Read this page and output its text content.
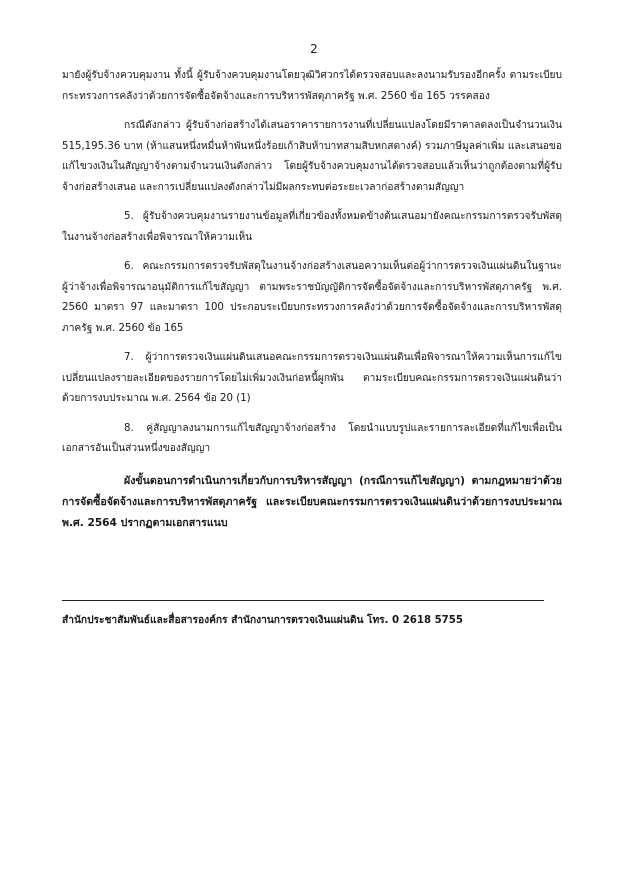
2

มายังผู้รับจ้างควบคุมงาน ทั้งนี้ ผู้รับจ้างควบคุมงานโดยวุฒิวิศวกรได้ตรวจสอบและลงนามรับรองอีกครั้ง ตามระเบียบกระทรวงการคลังว่าด้วยการจัดซื้อจัดจ้างและการบริหารพัสดุภาครัฐ พ.ศ. 2560 ข้อ 165 วรรคสอง

กรณีดังกล่าว ผู้รับจ้างก่อสร้างได้เสนอราคารายการงานที่เปลี่ยนแปลงโดยมีราคาลดลงเป็นจำนวนเงิน 515,195.36 บาท (ห้าแสนหนึ่งหมื่นห้าพันหนึ่งร้อยเก้าสิบห้าบาทสามสิบหกสตางค์) รวมภาษีมูลค่าเพิ่ม และเสนอขอแก้ไขวงเงินในสัญญาจ้างตามจำนวนเงินดังกล่าว โดยผู้รับจ้างควบคุมงานได้ตรวจสอบแล้วเห็นว่าถูกต้องตามที่ผู้รับจ้างก่อสร้างเสนอ และการเปลี่ยนแปลงดังกล่าวไม่มีผลกระทบต่อระยะเวลาก่อสร้างตามสัญญา

5. ผู้รับจ้างควบคุมงานรายงานข้อมูลที่เกี่ยวข้องทั้งหมดข้างต้นเสนอมายังคณะกรรมการตรวจรับพัสดุในงานจ้างก่อสร้างเพื่อพิจารณาให้ความเห็น

6. คณะกรรมการตรวจรับพัสดุในงานจ้างก่อสร้างเสนอความเห็นต่อผู้ว่าการตรวจเงินแผ่นดินในฐานะผู้ว่าจ้างเพื่อพิจารณาอนุมัติการแก้ไขสัญญา ตามพระราชบัญญัติการจัดซื้อจัดจ้างและการบริหารพัสดุภาครัฐ พ.ศ. 2560 มาตรา 97 และมาตรา 100 ประกอบระเบียบกระทรวงการคลังว่าด้วยการจัดซื้อจัดจ้างและการบริหารพัสดุภาครัฐ พ.ศ. 2560 ข้อ 165

7. ผู้ว่าการตรวจเงินแผ่นดินเสนอคณะกรรมการตรวจเงินแผ่นดินเพื่อพิจารณาให้ความเห็นการแก้ไขเปลี่ยนแปลงรายละเอียดของรายการโดยไม่เพิ่มวงเงินก่อหนี้ผูกพัน ตามระเบียบคณะกรรมการตรวจเงินแผ่นดินว่าด้วยการงบประมาณ พ.ศ. 2564 ข้อ 20 (1)

8. คู่สัญญาลงนามการแก้ไขสัญญาจ้างก่อสร้าง โดยนำแบบรูปและรายการละเอียดที่แก้ไขเพื่อเป็นเอกสารอันเป็นส่วนหนึ่งของสัญญา

ผังขั้นตอนการดำเนินการเกี่ยวกับการบริหารสัญญา (กรณีการแก้ไขสัญญา) ตามกฎหมายว่าด้วยการจัดซื้อจัดจ้างและการบริหารพัสดุภาครัฐ และระเบียบคณะกรรมการตรวจเงินแผ่นดินว่าด้วยการงบประมาณ พ.ศ. 2564 ปรากฏตามเอกสารแนบ

สำนักประชาสัมพันธ์และสื่อสารองค์กร สำนักงานการตรวจเงินแผ่นดิน โทร. 0 2618 5755
